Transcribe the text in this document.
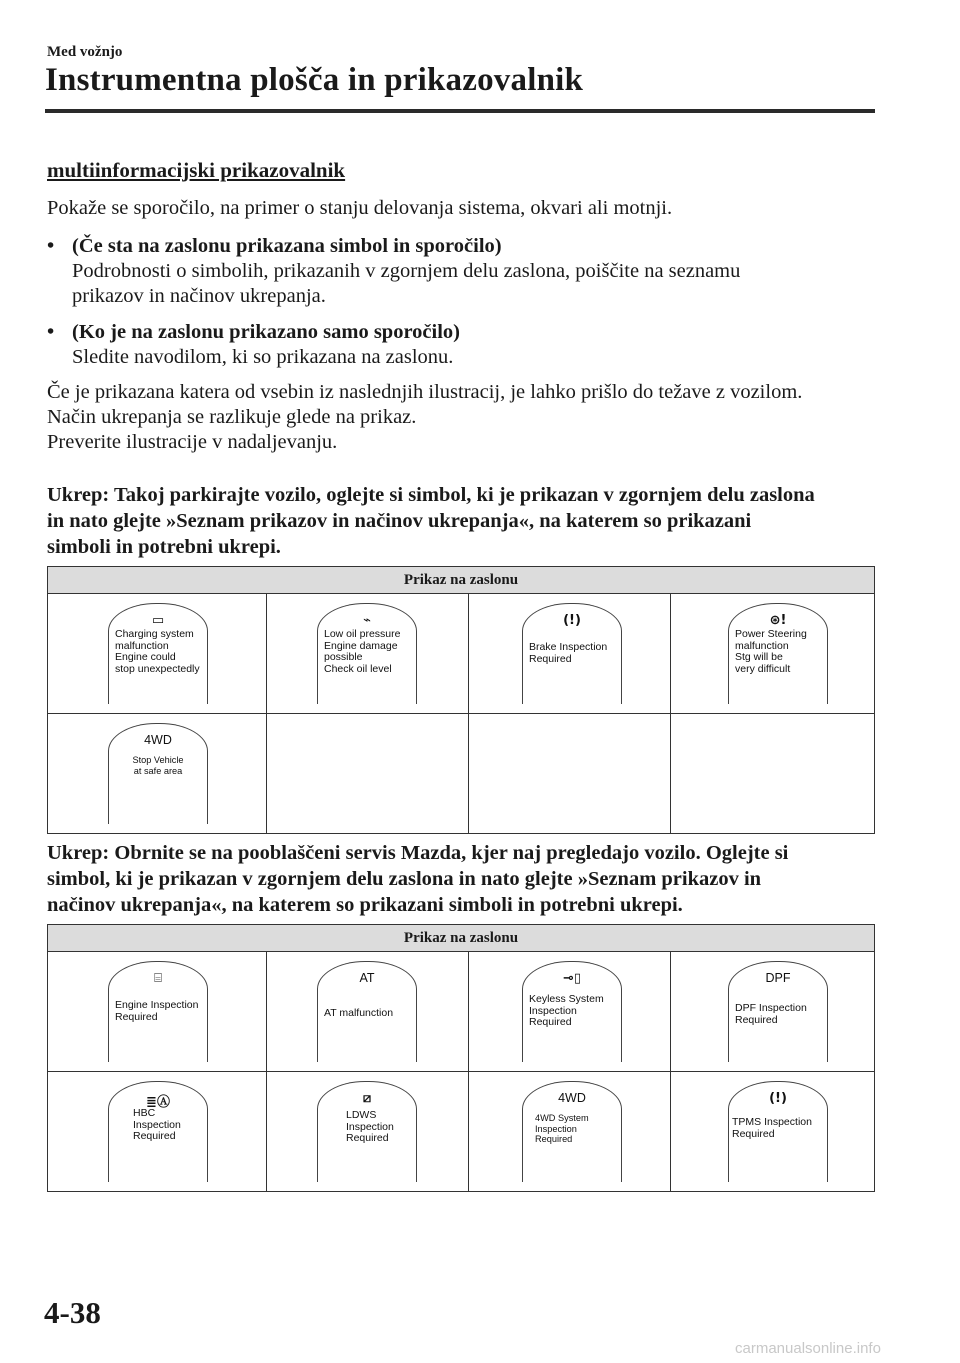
Med vožnjo
Instrumentna plošča in prikazovalnik
multiinformacijski prikazovalnik
Pokaže se sporočilo, na primer o stanju delovanja sistema, okvari ali motnji.
• (Če sta na zaslonu prikazana simbol in sporočilo)
Podrobnosti o simbolih, prikazanih v zgornjem delu zaslona, poiščite na seznamu
prikazov in načinov ukrepanja.
• (Ko je na zaslonu prikazano samo sporočilo)
Sledite navodilom, ki so prikazana na zaslonu.
Če je prikazana katera od vsebin iz naslednjih ilustracij, je lahko prišlo do težave z vozilom.
Način ukrepanja se razlikuje glede na prikaz.
Preverite ilustracije v nadaljevanju.
Ukrep: Takoj parkirajte vozilo, oglejte si simbol, ki je prikazan v zgornjem delu zaslona
in nato glejte »Seznam prikazov in načinov ukrepanja«, na katerem so prikazani
simboli in potrebni ukrepi.
Prikaz na zaslonu
▭
Charging system
malfunction
Engine could
stop unexpectedly
⌁
Low oil pressure
Engine damage
possible
Check oil level
(!)
Brake Inspection
Required
⊛!
Power Steering
malfunction
Stg will be
very difficult
4WD
Stop Vehicle
at safe area
Ukrep: Obrnite se na pooblaščeni servis Mazda, kjer naj pregledajo vozilo. Oglejte si
simbol, ki je prikazan v zgornjem delu zaslona in nato glejte »Seznam prikazov in
načinov ukrepanja«, na katerem so prikazani simboli in potrebni ukrepi.
Prikaz na zaslonu
⌸
Engine Inspection
Required
AT
AT malfunction
⊸▯
Keyless System
Inspection
Required
DPF
DPF Inspection
Required
≣Ⓐ
HBC
Inspection
Required
⧄
LDWS
Inspection
Required
4WD
4WD System
Inspection
Required
(!)
TPMS Inspection
Required
4-38
carmanualsonline.info
